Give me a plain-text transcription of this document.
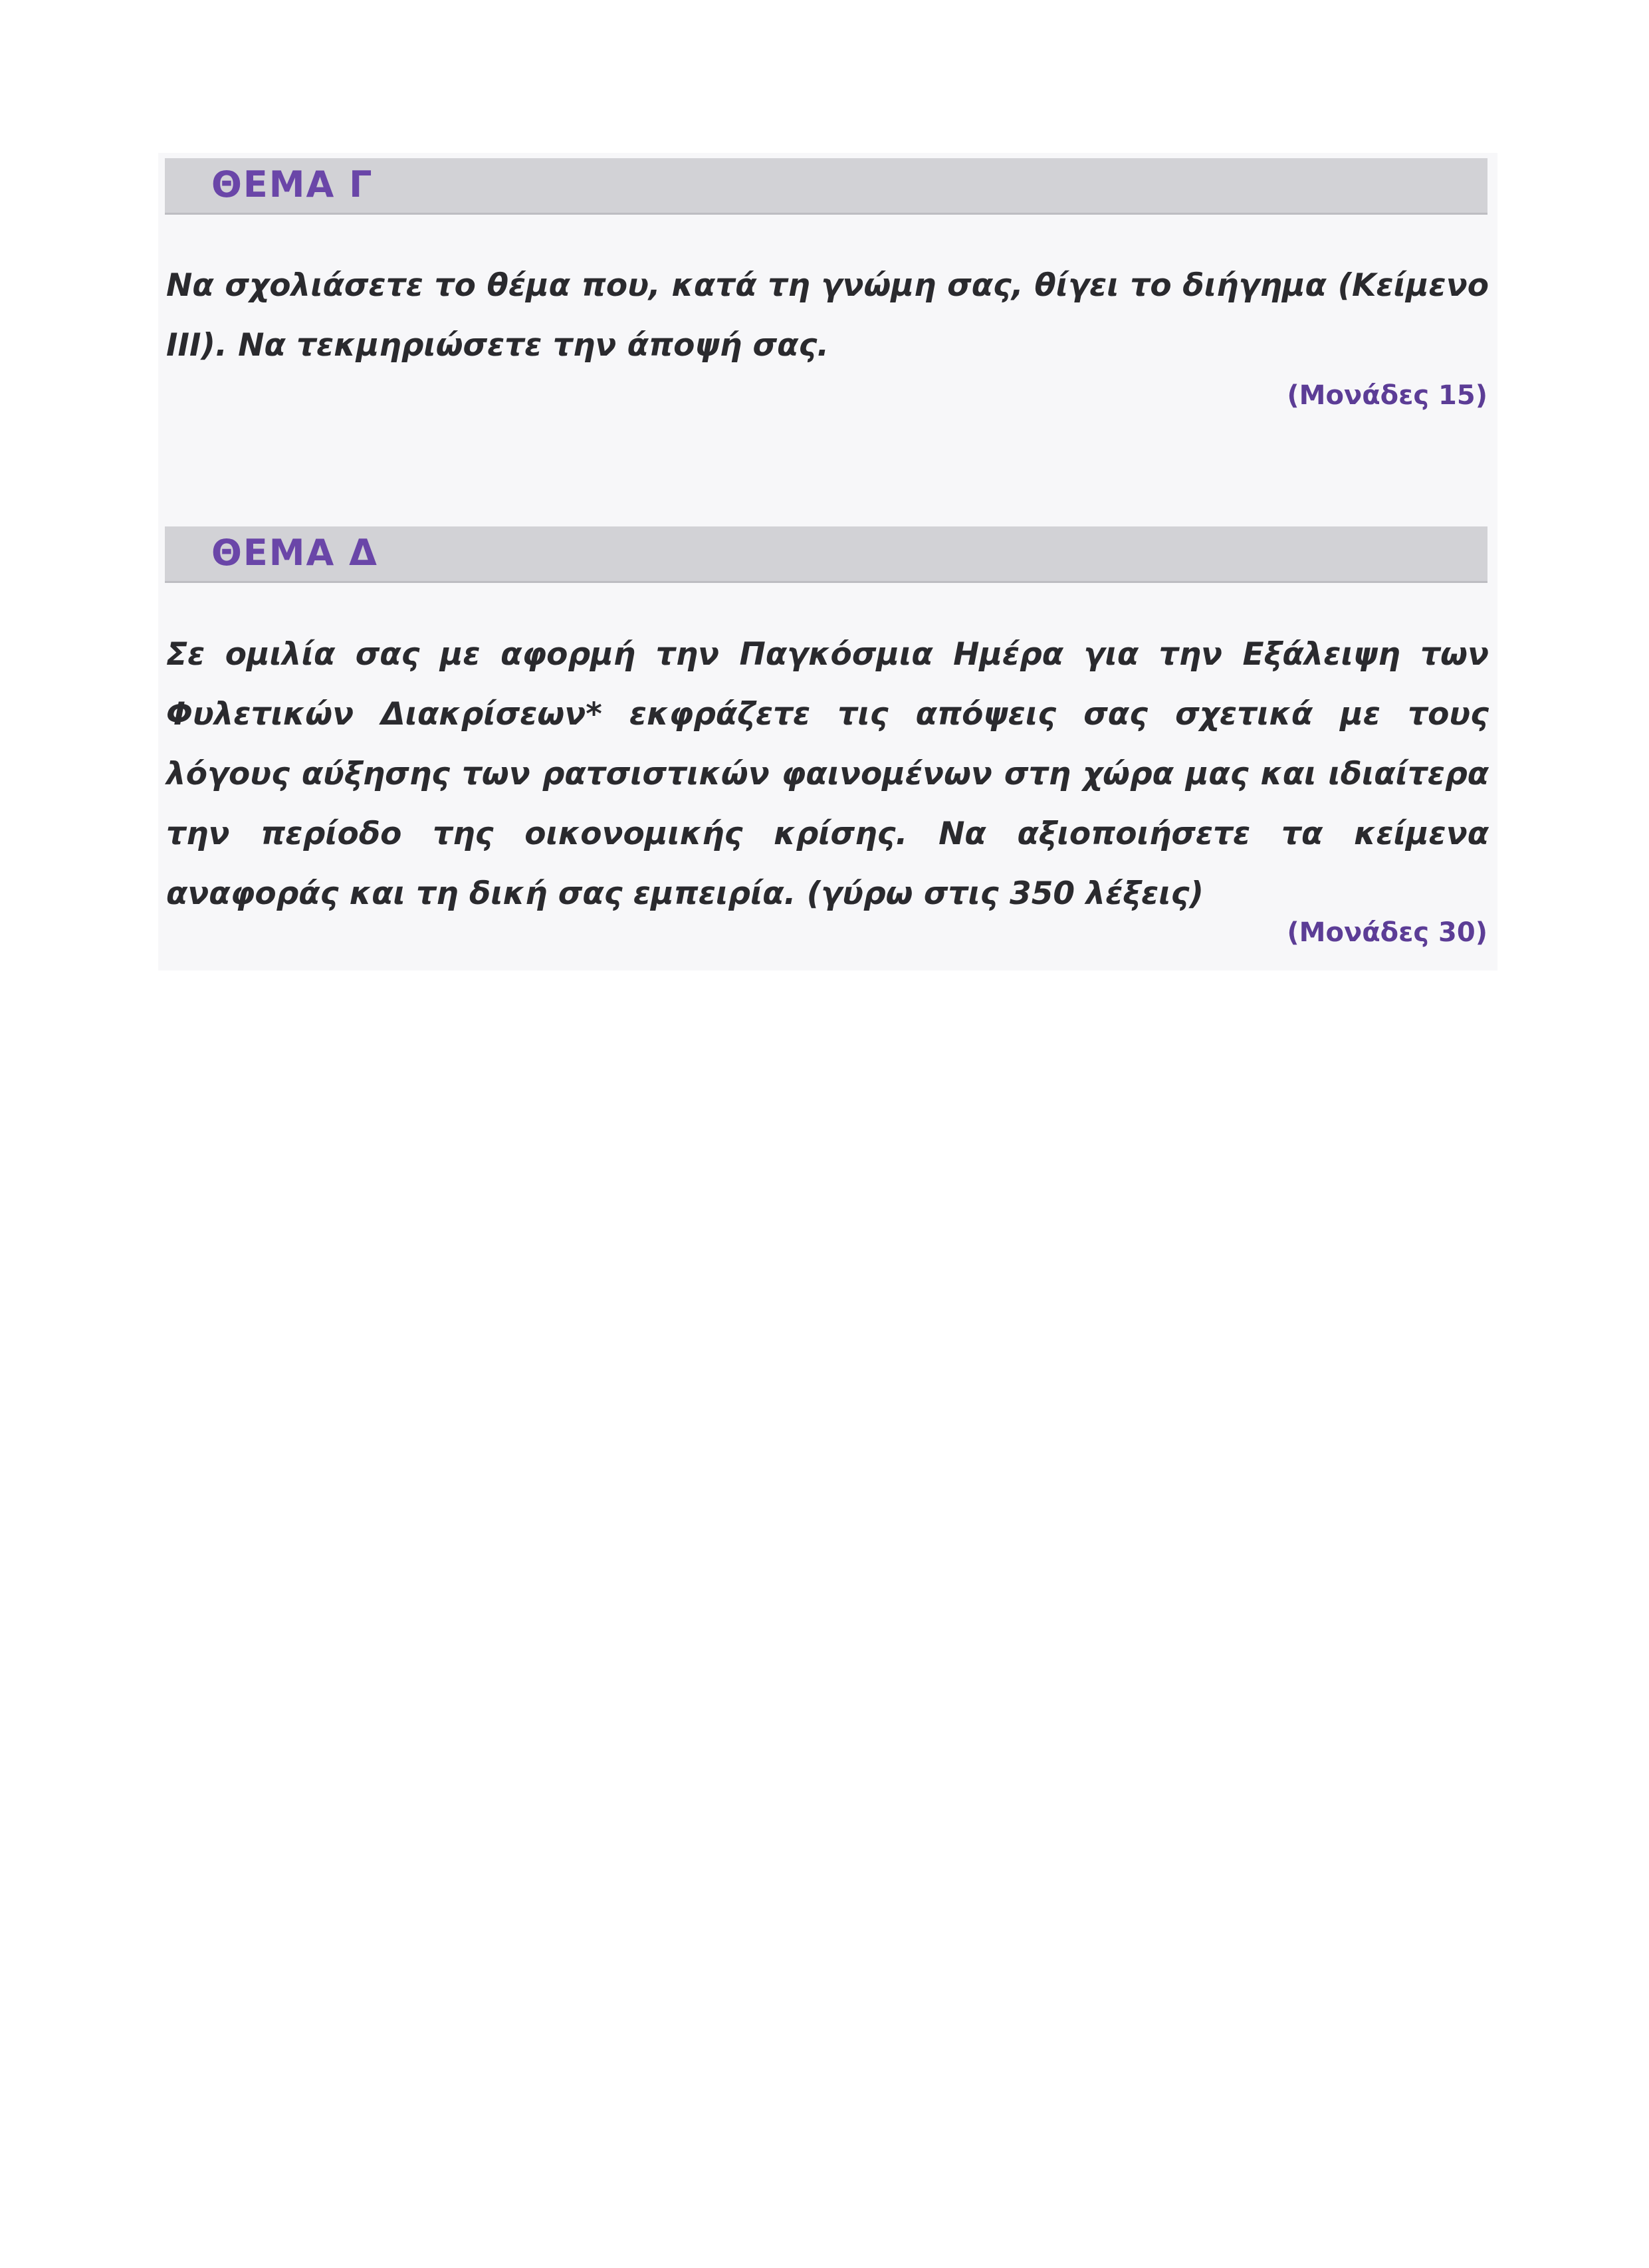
ΘΕΜΑ Γ
Να σχολιάσετε το θέμα που, κατά τη γνώμη σας, θίγει το διήγημα (Κείμενο ΙΙΙ). Να τεκμηριώσετε την άποψή σας.
(Μονάδες 15)
ΘΕΜΑ Δ
Σε ομιλία σας με αφορμή την Παγκόσμια Ημέρα για την Εξάλειψη των Φυλετικών Διακρίσεων* εκφράζετε τις απόψεις σας σχετικά με τους λόγους αύξησης των ρατσιστικών φαινομένων στη χώρα μας και ιδιαίτερα την περίοδο της οικονομικής κρίσης. Να αξιοποιήσετε τα κείμενα αναφοράς και τη δική σας εμπειρία. (γύρω στις 350 λέξεις)
(Μονάδες 30)
